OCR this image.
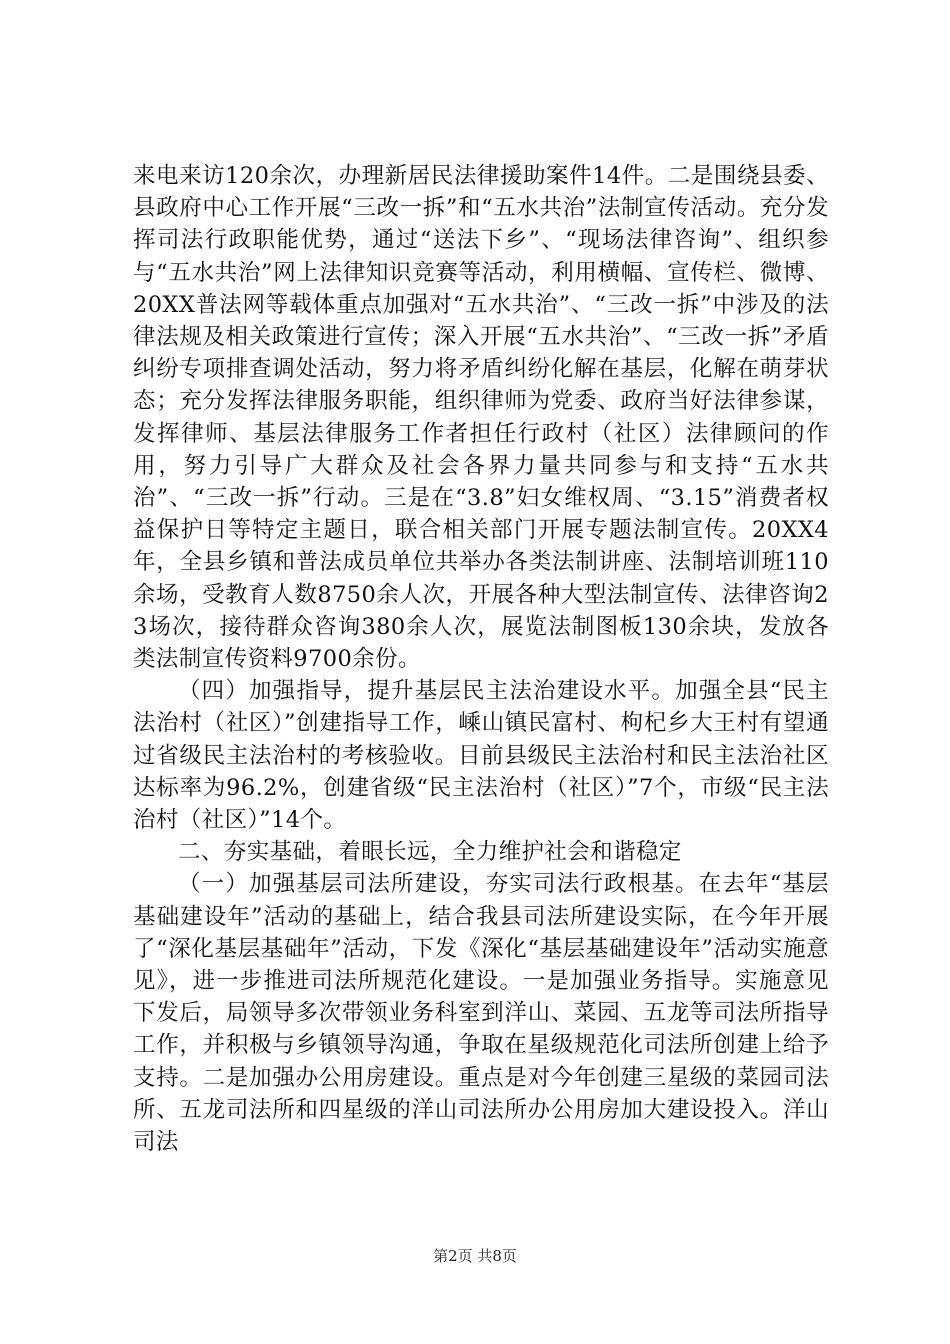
来电来访120余次，办理新居民法律援助案件14件。二是围绕县委、县政府中心工作开展“三改一拆”和“五水共治”法制宣传活动。充分发挥司法行政职能优势，通过“送法下乡”、“现场法律咨询”、组织参与“五水共治”网上法律知识竞赛等活动，利用横幅、宣传栏、微博、20XX普法网等载体重点加强对“五水共治”、“三改一拆”中涉及的法律法规及相关政策进行宣传；深入开展“五水共治”、“三改一拆”矛盾纠纷专项排查调处活动，努力将矛盾纠纷化解在基层，化解在萌芽状态；充分发挥法律服务职能，组织律师为党委、政府当好法律参谋，发挥律师、基层法律服务工作者担任行政村（社区）法律顾问的作用，努力引导广大群众及社会各界力量共同参与和支持“五水共治”、“三改一拆”行动。三是在“3.8”妇女维权周、“3.15”消费者权益保护日等特定主题日，联合相关部门开展专题法制宣传。20XX4年，全县乡镇和普法成员单位共举办各类法制讲座、法制培训班110余场，受教育人数8750余人次，开展各种大型法制宣传、法律咨询23场次，接待群众咨询380余人次，展览法制图板130余块，发放各类法制宣传资料9700余份。

（四）加强指导，提升基层民主法治建设水平。加强全县“民主法治村（社区）”创建指导工作，嵊山镇民富村、枸杞乡大王村有望通过省级民主法治村的考核验收。目前县级民主法治村和民主法治社区达标率为96.2%，创建省级“民主法治村（社区）”7个，市级“民主法治村（社区）”14个。

二、夯实基础，着眼长远，全力维护社会和谐稳定

（一）加强基层司法所建设，夯实司法行政根基。在去年“基层基础建设年”活动的基础上，结合我县司法所建设实际，在今年开展了“深化基层基础年”活动，下发《深化“基层基础建设年”活动实施意见》，进一步推进司法所规范化建设。一是加强业务指导。实施意见下发后，局领导多次带领业务科室到洋山、菜园、五龙等司法所指导工作，并积极与乡镇领导沟通，争取在星级规范化司法所创建上给予支持。二是加强办公用房建设。重点是对今年创建三星级的菜园司法所、五龙司法所和四星级的洋山司法所办公用房加大建设投入。洋山司法

第2页 共8页
